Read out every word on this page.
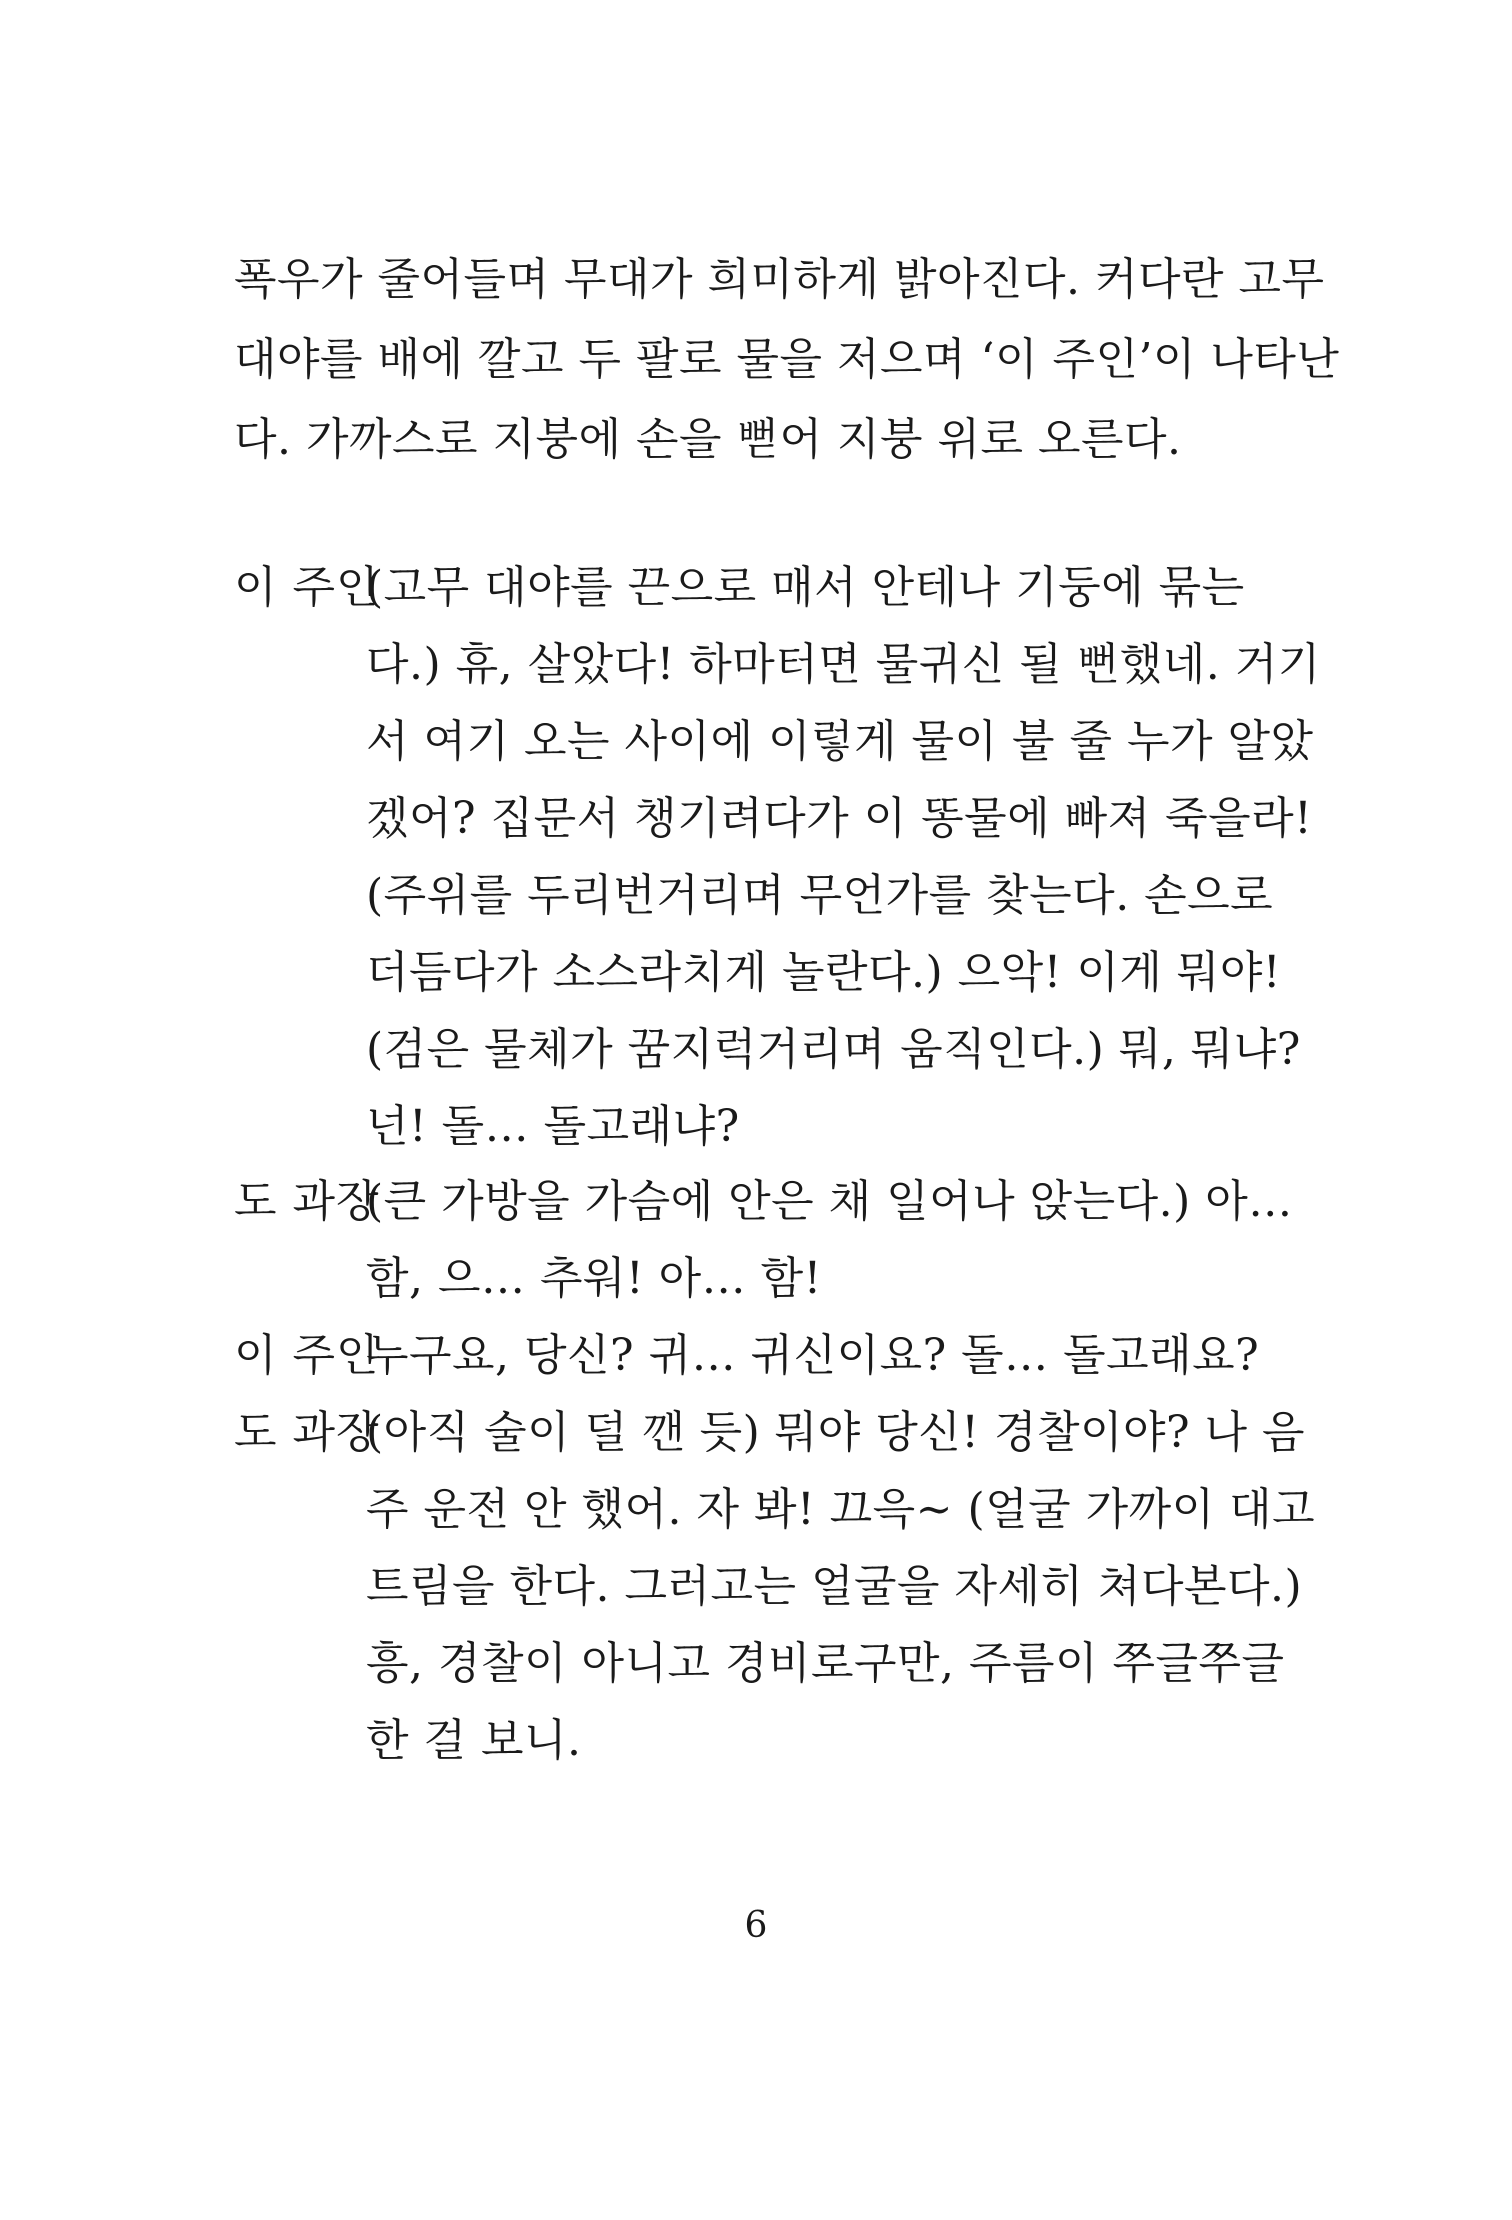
폭우가 줄어들며 무대가 희미하게 밝아진다. 커다란 고무
대야를 배에 깔고 두 팔로 물을 저으며 ‘이 주인’이 나타난
다. 가까스로 지붕에 손을 뻗어 지붕 위로 오른다.
이 주인
(고무 대야를 끈으로 매서 안테나 기둥에 묶는
다.) 휴, 살았다! 하마터면 물귀신 될 뻔했네. 거기
서 여기 오는 사이에 이렇게 물이 불 줄 누가 알았
겠어? 집문서 챙기려다가 이 똥물에 빠져 죽을라!
(주위를 두리번거리며 무언가를 찾는다. 손으로
더듬다가 소스라치게 놀란다.) 으악! 이게 뭐야!
(검은 물체가 꿈지럭거리며 움직인다.) 뭐, 뭐냐?
넌! 돌… 돌고래냐?
도 과장
(큰 가방을 가슴에 안은 채 일어나 앉는다.) 아…
함, 으… 추워! 아… 함!
이 주인
누구요, 당신? 귀… 귀신이요? 돌… 돌고래요?
도 과장
(아직 술이 덜 깬 듯) 뭐야 당신! 경찰이야? 나 음
주 운전 안 했어. 자 봐! 끄윽~ (얼굴 가까이 대고
트림을 한다. 그러고는 얼굴을 자세히 쳐다본다.)
흥, 경찰이 아니고 경비로구만, 주름이 쭈글쭈글
한 걸 보니.
6
